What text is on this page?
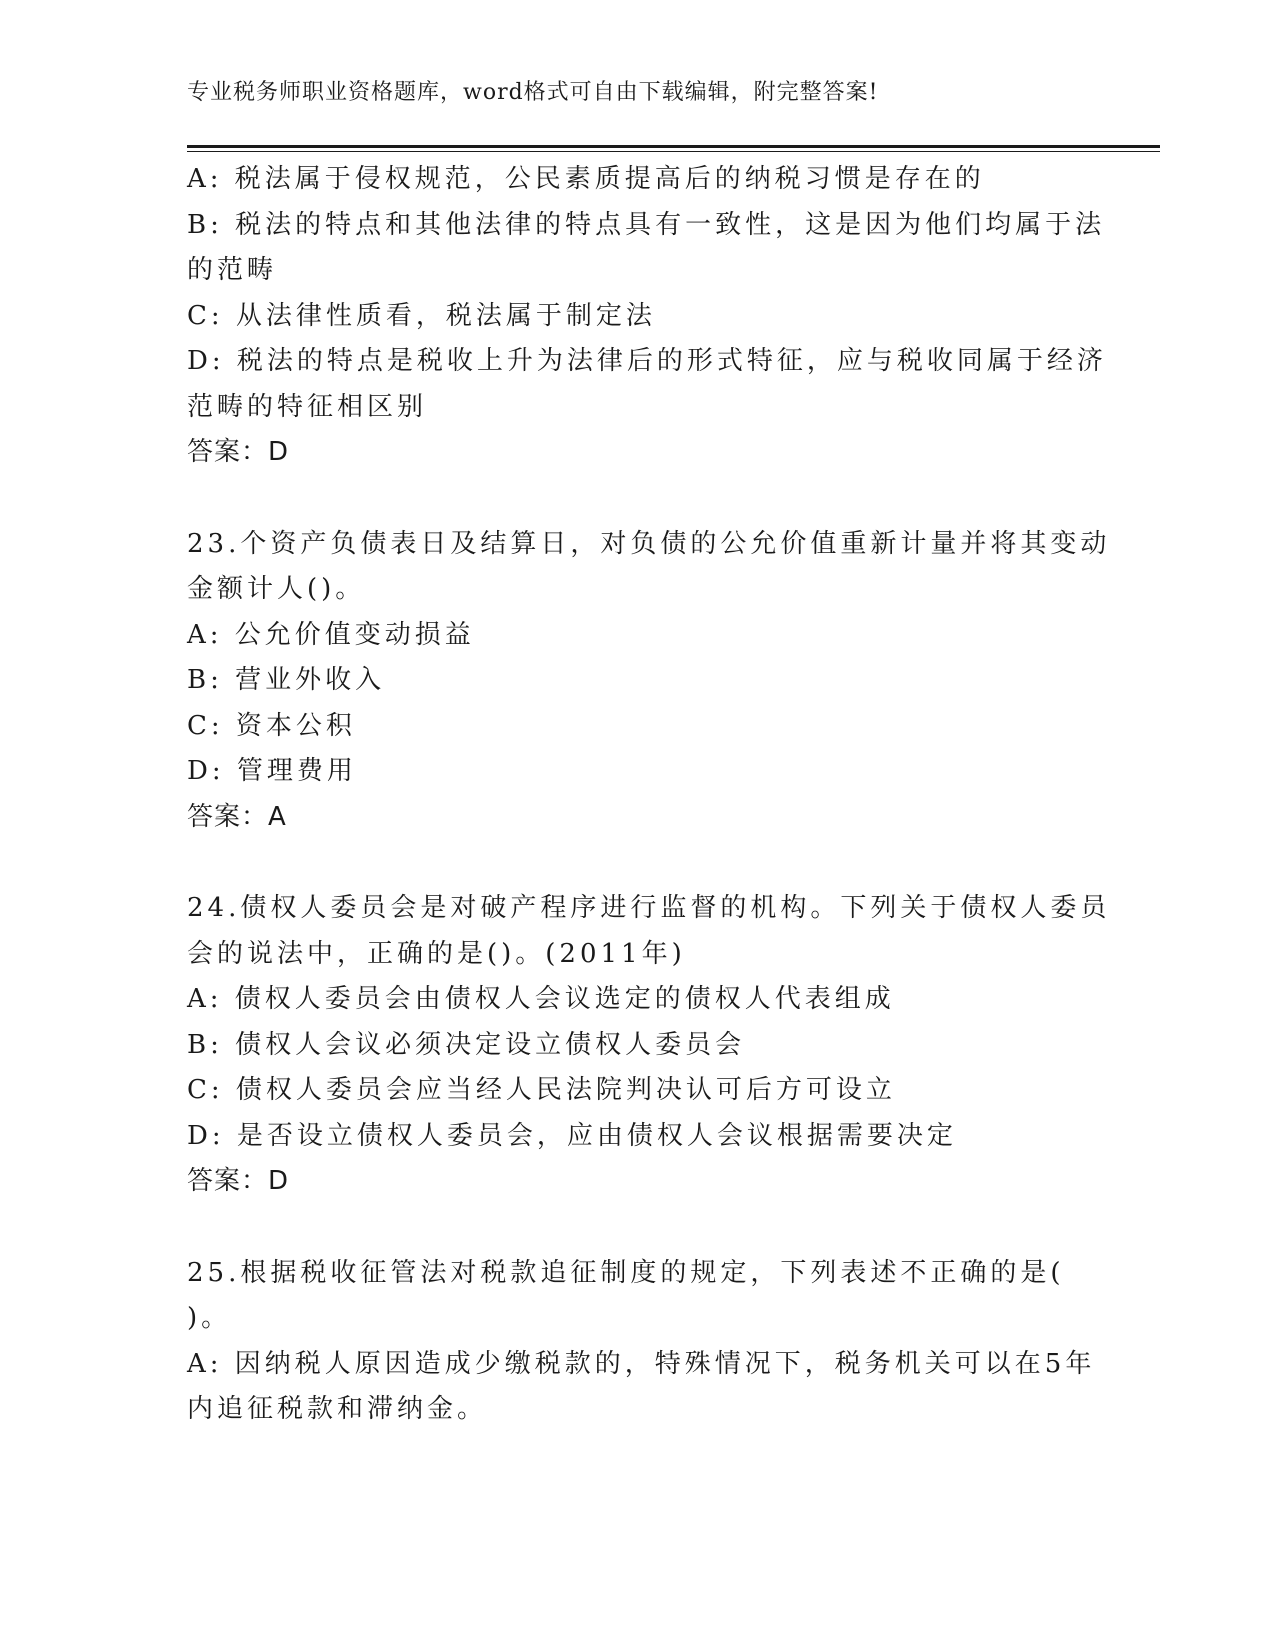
专业税务师职业资格题库，word格式可自由下载编辑，附完整答案!
A: 税法属于侵权规范，公民素质提高后的纳税习惯是存在的
B: 税法的特点和其他法律的特点具有一致性，这是因为他们均属于法
的范畴
C: 从法律性质看，税法属于制定法
D: 税法的特点是税收上升为法律后的形式特征，应与税收同属于经济
范畴的特征相区别
答案：D
23.个资产负债表日及结算日，对负债的公允价值重新计量并将其变动
金额计人()。
A: 公允价值变动损益
B: 营业外收入
C: 资本公积
D: 管理费用
答案：A
24.债权人委员会是对破产程序进行监督的机构。下列关于债权人委员
会的说法中，正确的是()。(2011年)
A: 债权人委员会由债权人会议选定的债权人代表组成
B: 债权人会议必须决定设立债权人委员会
C: 债权人委员会应当经人民法院判决认可后方可设立
D: 是否设立债权人委员会，应由债权人会议根据需要决定
答案：D
25.根据税收征管法对税款追征制度的规定，下列表述不正确的是(
)。
A: 因纳税人原因造成少缴税款的，特殊情况下，税务机关可以在5年
内追征税款和滞纳金。
